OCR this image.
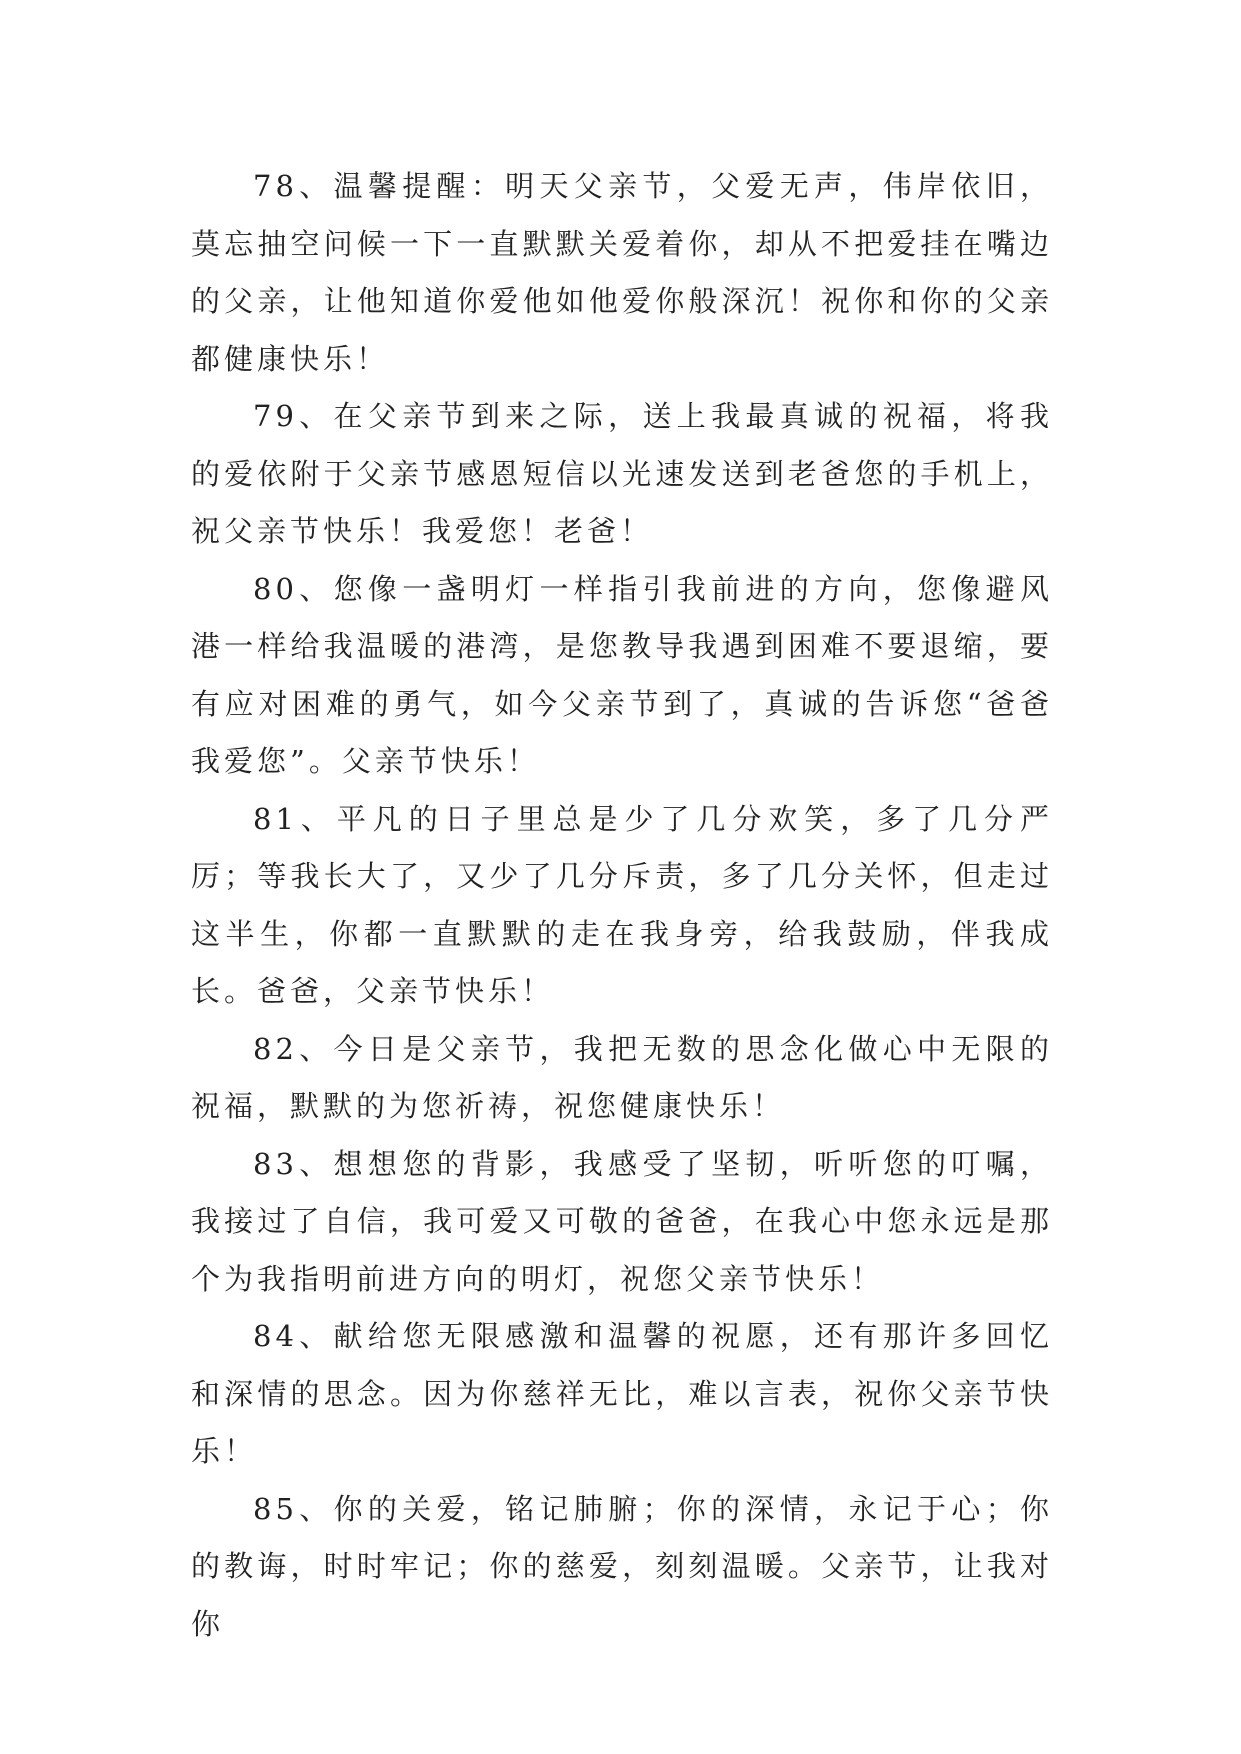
78、温馨提醒：明天父亲节，父爱无声，伟岸依旧，莫忘抽空问候一下一直默默关爱着你，却从不把爱挂在嘴边的父亲，让他知道你爱他如他爱你般深沉！祝你和你的父亲都健康快乐！

79、在父亲节到来之际，送上我最真诚的祝福，将我的爱依附于父亲节感恩短信以光速发送到老爸您的手机上，祝父亲节快乐！我爱您！老爸！

80、您像一盏明灯一样指引我前进的方向，您像避风港一样给我温暖的港湾，是您教导我遇到困难不要退缩，要有应对困难的勇气，如今父亲节到了，真诚的告诉您“爸爸我爱您”。父亲节快乐！

81、平凡的日子里总是少了几分欢笑，多了几分严厉；等我长大了，又少了几分斥责，多了几分关怀，但走过这半生，你都一直默默的走在我身旁，给我鼓励，伴我成长。爸爸，父亲节快乐！

82、今日是父亲节，我把无数的思念化做心中无限的祝福，默默的为您祈祷，祝您健康快乐！

83、想想您的背影，我感受了坚韧，听听您的叮嘱，我接过了自信，我可爱又可敬的爸爸，在我心中您永远是那个为我指明前进方向的明灯，祝您父亲节快乐！

84、献给您无限感激和温馨的祝愿，还有那许多回忆和深情的思念。因为你慈祥无比，难以言表，祝你父亲节快乐！

85、你的关爱，铭记肺腑；你的深情，永记于心；你的教诲，时时牢记；你的慈爱，刻刻温暖。父亲节，让我对你
